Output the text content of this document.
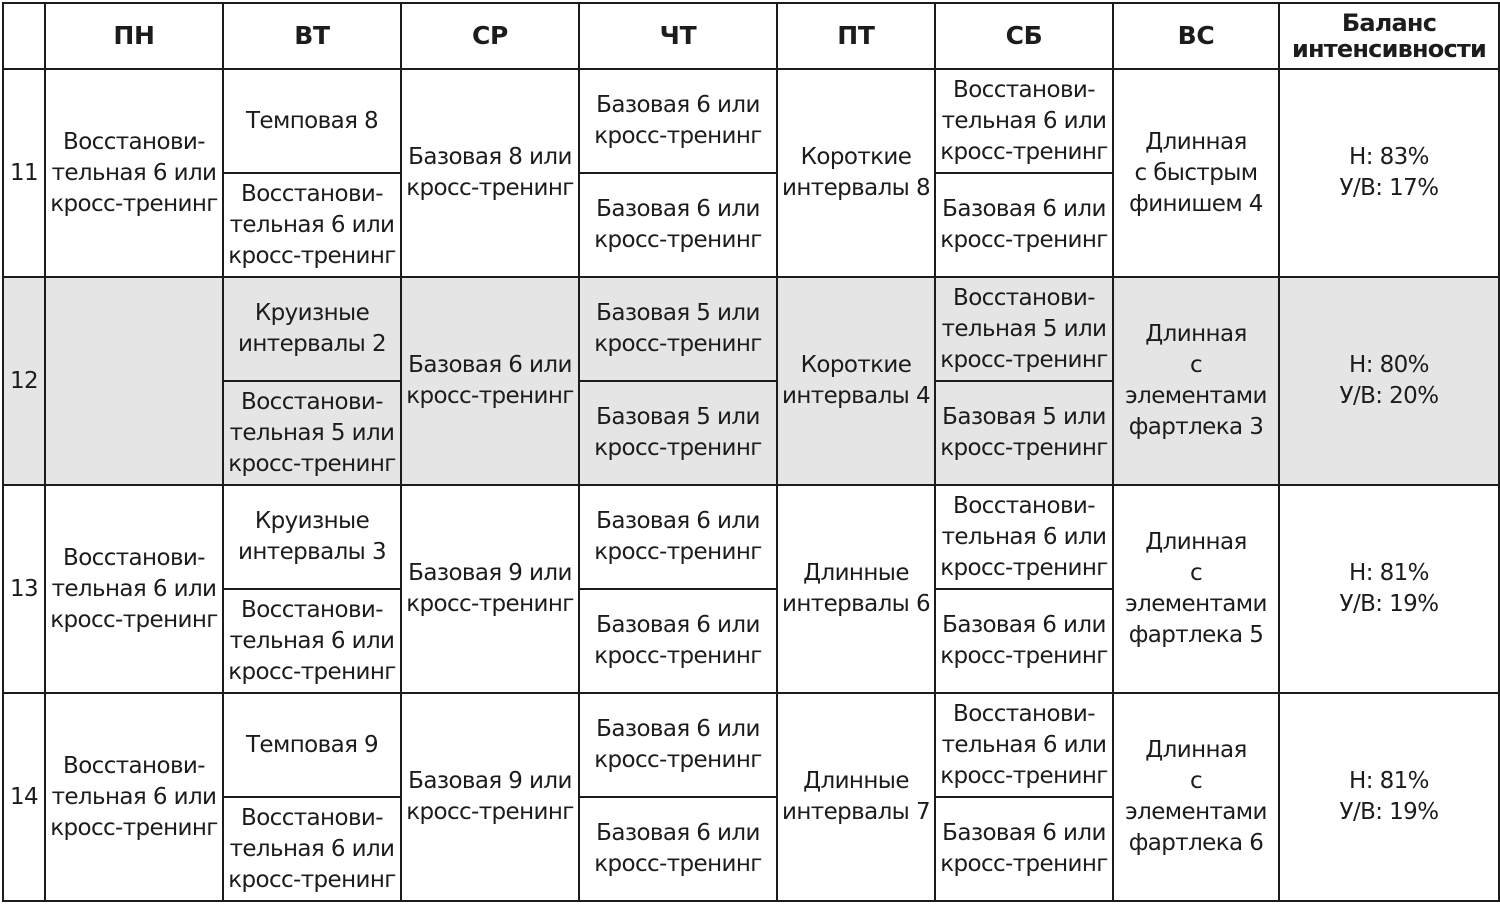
	ПН	ВТ	СР	ЧТ	ПТ	СБ	ВС	Баланс
интенсивности

11	Восстанови-
тельная 6 или
кросс-тренинг	Темповая 8	Базовая 8 или
кросс-тренинг	Базовая 6 или
кросс-тренинг	Короткие
интервалы 8	Восстанови-
тельная 6 или
кросс-тренинг	Длинная
с быстрым
финишем 4	Н: 83%
У/В: 17%

		Восстанови-
тельная 6 или
кросс-тренинг		Базовая 6 или
кросс-тренинг		Базовая 6 или
кросс-тренинг		

12		Круизные
интервалы 2	Базовая 6 или
кросс-тренинг	Базовая 5 или
кросс-тренинг	Короткие
интервалы 4	Восстанови-
тельная 5 или
кросс-тренинг	Длинная
с элементами
фартлека 3	Н: 80%
У/В: 20%

		Восстанови-
тельная 5 или
кросс-тренинг		Базовая 5 или
кросс-тренинг		Базовая 5 или
кросс-тренинг		

13	Восстанови-
тельная 6 или
кросс-тренинг	Круизные
интервалы 3	Базовая 9 или
кросс-тренинг	Базовая 6 или
кросс-тренинг	Длинные
интервалы 6	Восстанови-
тельная 6 или
кросс-тренинг	Длинная
с элементами
фартлека 5	Н: 81%
У/В: 19%

		Восстанови-
тельная 6 или
кросс-тренинг		Базовая 6 или
кросс-тренинг		Базовая 6 или
кросс-тренинг		

14	Восстанови-
тельная 6 или
кросс-тренинг	Темповая 9	Базовая 9 или
кросс-тренинг	Базовая 6 или
кросс-тренинг	Длинные
интервалы 7	Восстанови-
тельная 6 или
кросс-тренинг	Длинная
с элементами
фартлека 6	Н: 81%
У/В: 19%

		Восстанови-
тельная 6 или
кросс-тренинг		Базовая 6 или
кросс-тренинг		Базовая 6 или
кросс-тренинг		
